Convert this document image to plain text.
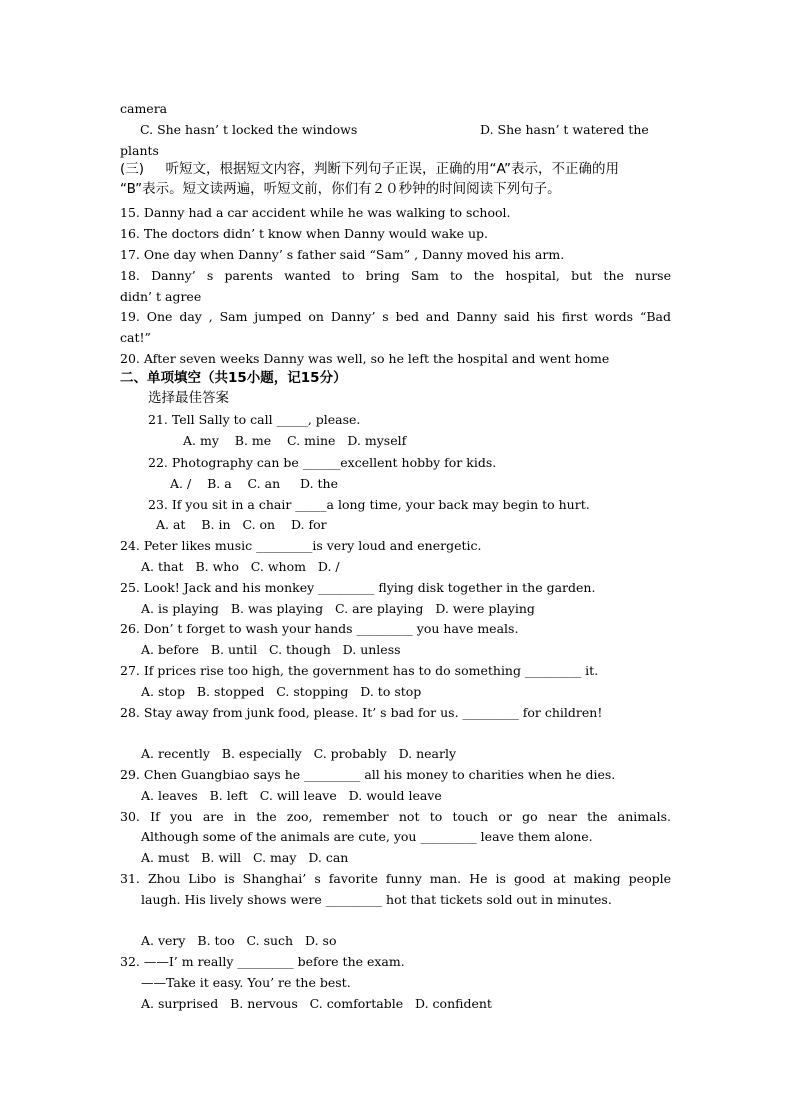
camera
C. She hasn’ t locked the windows	D. She hasn’ t watered the
plants
(三)     听短文，根据短文内容，判断下列句子正误，正确的用“A”表示，不正确的用
“B”表示。短文读两遍，听短文前，你们有２０秒钟的时间阅读下列句子。
15. Danny had a car accident while he was walking to school.
16. The doctors didn’ t know when Danny would wake up.
17. One day when Danny’ s father said “Sam” , Danny moved his arm.
18. Danny’ s parents wanted to bring Sam to the hospital, but the nurse
didn’ t agree
19. One day , Sam jumped on Danny’ s bed and Danny said his first words “Bad
cat!”
20. After seven weeks Danny was well, so he left the hospital and went home
二、单项填空（共15小题，记15分）
选择最佳答案
21. Tell Sally to call _____, please.
A. my    B. me    C. mine   D. myself
22. Photography can be ______excellent hobby for kids.
A. /    B. a    C. an     D. the
23. If you sit in a chair _____a long time, your back may begin to hurt.
A. at    B. in   C. on    D. for
24. Peter likes music _________is very loud and energetic.
A. that   B. who   C. whom   D. /
25. Look! Jack and his monkey _________ flying disk together in the garden.
A. is playing   B. was playing   C. are playing   D. were playing
26. Don’ t forget to wash your hands _________ you have meals.
A. before   B. until   C. though   D. unless
27. If prices rise too high, the government has to do something _________ it.
A. stop   B. stopped   C. stopping   D. to stop
28. Stay away from junk food, please. It’ s bad for us. _________ for children!
A. recently   B. especially   C. probably   D. nearly
29. Chen Guangbiao says he _________ all his money to charities when he dies.
A. leaves   B. left   C. will leave   D. would leave
30. If you are in the zoo, remember not to touch or go near the animals.
Although some of the animals are cute, you _________ leave them alone.
A. must   B. will   C. may   D. can
31. Zhou Libo is Shanghai’ s favorite funny man. He is good at making people
laugh. His lively shows were _________ hot that tickets sold out in minutes.
A. very   B. too   C. such   D. so
32. ——I’ m really _________ before the exam.
——Take it easy. You’ re the best.
A. surprised   B. nervous   C. comfortable   D. confident
